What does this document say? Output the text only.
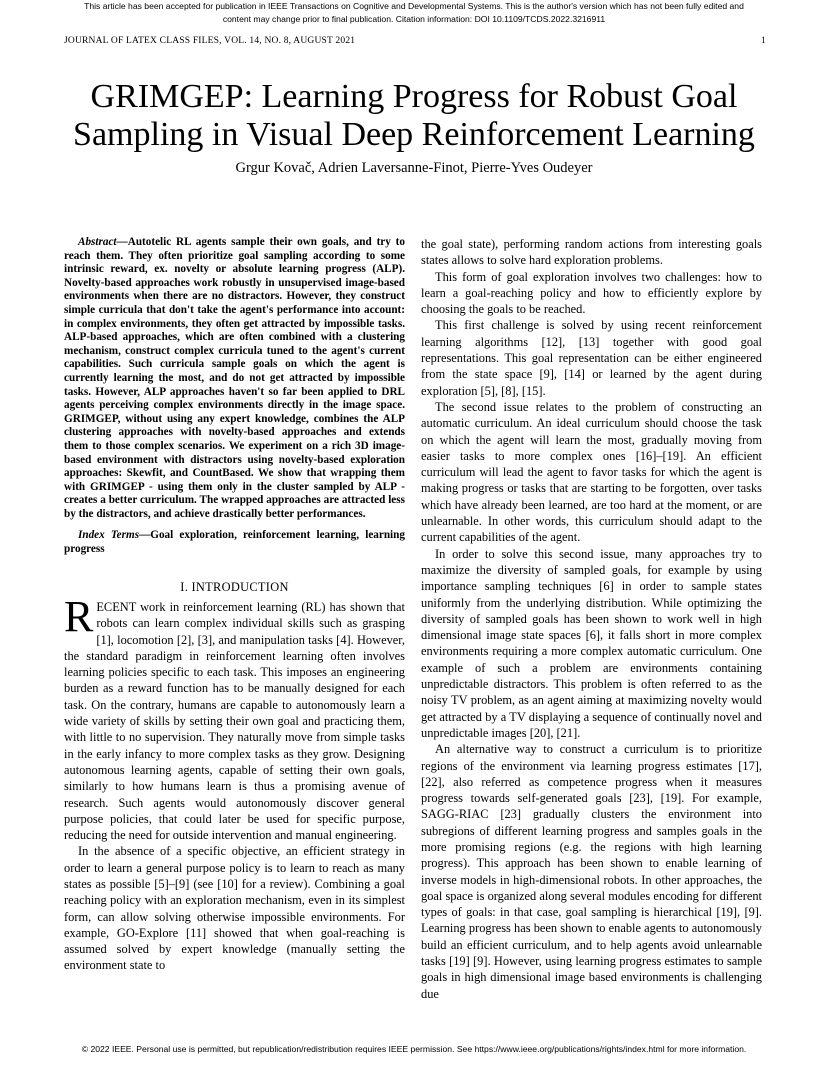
This article has been accepted for publication in IEEE Transactions on Cognitive and Developmental Systems. This is the author's version which has not been fully edited and
content may change prior to final publication. Citation information: DOI 10.1109/TCDS.2022.3216911
JOURNAL OF LATEX CLASS FILES, VOL. 14, NO. 8, AUGUST 2021	1
GRIMGEP: Learning Progress for Robust Goal
Sampling in Visual Deep Reinforcement Learning
Grgur Kovač, Adrien Laversanne-Finot, Pierre-Yves Oudeyer

Abstract—Autotelic RL agents sample their own goals, and try to reach them. They often prioritize goal sampling according to some intrinsic reward, ex. novelty or absolute learning progress (ALP). Novelty-based approaches work robustly in unsupervised image-based environments when there are no distractors. However, they construct simple curricula that don't take the agent's performance into account: in complex environments, they often get attracted by impossible tasks. ALP-based approaches, which are often combined with a clustering mechanism, construct complex curricula tuned to the agent's current capabilities. Such curricula sample goals on which the agent is currently learning the most, and do not get attracted by impossible tasks. However, ALP approaches haven't so far been applied to DRL agents perceiving complex environments directly in the image space. GRIMGEP, without using any expert knowledge, combines the ALP clustering approaches with novelty-based approaches and extends them to those complex scenarios. We experiment on a rich 3D image-based environment with distractors using novelty-based exploration approaches: Skewfit, and CountBased. We show that wrapping them with GRIMGEP - using them only in the cluster sampled by ALP - creates a better curriculum. The wrapped approaches are attracted less by the distractors, and achieve drastically better performances.

Index Terms—Goal exploration, reinforcement learning, learning progress

I. INTRODUCTION

RECENT work in reinforcement learning (RL) has shown that robots can learn complex individual skills such as grasping [1], locomotion [2], [3], and manipulation tasks [4]. However, the standard paradigm in reinforcement learning often involves learning policies specific to each task. This imposes an engineering burden as a reward function has to be manually designed for each task. On the contrary, humans are capable to autonomously learn a wide variety of skills by setting their own goal and practicing them, with little to no supervision. They naturally move from simple tasks in the early infancy to more complex tasks as they grow. Designing autonomous learning agents, capable of setting their own goals, similarly to how humans learn is thus a promising avenue of research. Such agents would autonomously discover general purpose policies, that could later be used for specific purpose, reducing the need for outside intervention and manual engineering.

In the absence of a specific objective, an efficient strategy in order to learn a general purpose policy is to learn to reach as many states as possible [5]–[9] (see [10] for a review). Combining a goal reaching policy with an exploration mechanism, even in its simplest form, can allow solving otherwise impossible environments. For example, GO-Explore [11] showed that when goal-reaching is assumed solved by expert knowledge (manually setting the environment state to

the goal state), performing random actions from interesting goals states allows to solve hard exploration problems.

This form of goal exploration involves two challenges: how to learn a goal-reaching policy and how to efficiently explore by choosing the goals to be reached.

This first challenge is solved by using recent reinforcement learning algorithms [12], [13] together with good goal representations. This goal representation can be either engineered from the state space [9], [14] or learned by the agent during exploration [5], [8], [15].

The second issue relates to the problem of constructing an automatic curriculum. An ideal curriculum should choose the task on which the agent will learn the most, gradually moving from easier tasks to more complex ones [16]–[19]. An efficient curriculum will lead the agent to favor tasks for which the agent is making progress or tasks that are starting to be forgotten, over tasks which have already been learned, are too hard at the moment, or are unlearnable. In other words, this curriculum should adapt to the current capabilities of the agent.

In order to solve this second issue, many approaches try to maximize the diversity of sampled goals, for example by using importance sampling techniques [6] in order to sample states uniformly from the underlying distribution. While optimizing the diversity of sampled goals has been shown to work well in high dimensional image state spaces [6], it falls short in more complex environments requiring a more complex automatic curriculum. One example of such a problem are environments containing unpredictable distractors. This problem is often referred to as the noisy TV problem, as an agent aiming at maximizing novelty would get attracted by a TV displaying a sequence of continually novel and unpredictable images [20], [21].

An alternative way to construct a curriculum is to prioritize regions of the environment via learning progress estimates [17], [22], also referred as competence progress when it measures progress towards self-generated goals [23], [19]. For example, SAGG-RIAC [23] gradually clusters the environment into subregions of different learning progress and samples goals in the more promising regions (e.g. the regions with high learning progress). This approach has been shown to enable learning of inverse models in high-dimensional robots. In other approaches, the goal space is organized along several modules encoding for different types of goals: in that case, goal sampling is hierarchical [19], [9]. Learning progress has been shown to enable agents to autonomously build an efficient curriculum, and to help agents avoid unlearnable tasks [19] [9]. However, using learning progress estimates to sample goals in high dimensional image based environments is challenging due

© 2022 IEEE. Personal use is permitted, but republication/redistribution requires IEEE permission. See https://www.ieee.org/publications/rights/index.html for more information.
